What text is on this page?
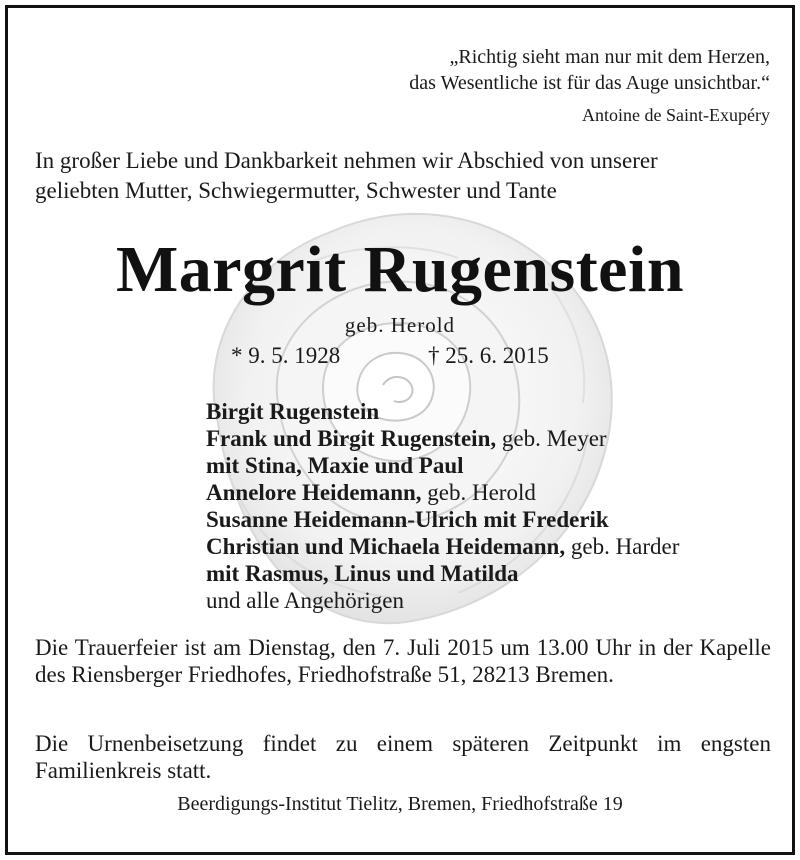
„Richtig sieht man nur mit dem Herzen,
das Wesentliche ist für das Auge unsichtbar.“
Antoine de Saint-Exupéry
In großer Liebe und Dankbarkeit nehmen wir Abschied von unserer
geliebten Mutter, Schwiegermutter, Schwester und Tante
Margrit Rugenstein
geb. Herold
* 9. 5. 1928	† 25. 6. 2015
Birgit Rugenstein
Frank und Birgit Rugenstein, geb. Meyer
mit Stina, Maxie und Paul
Annelore Heidemann, geb. Herold
Susanne Heidemann-Ulrich mit Frederik
Christian und Michaela Heidemann, geb. Harder
mit Rasmus, Linus und Matilda
und alle Angehörigen
Die Trauerfeier ist am Dienstag, den 7. Juli 2015 um 13.00 Uhr in der Kapelle des Riensberger Friedhofes, Friedhofstraße 51, 28213 Bremen.
Die Urnenbeisetzung findet zu einem späteren Zeitpunkt im engsten Familienkreis statt.
Beerdigungs-Institut Tielitz, Bremen, Friedhofstraße 19
